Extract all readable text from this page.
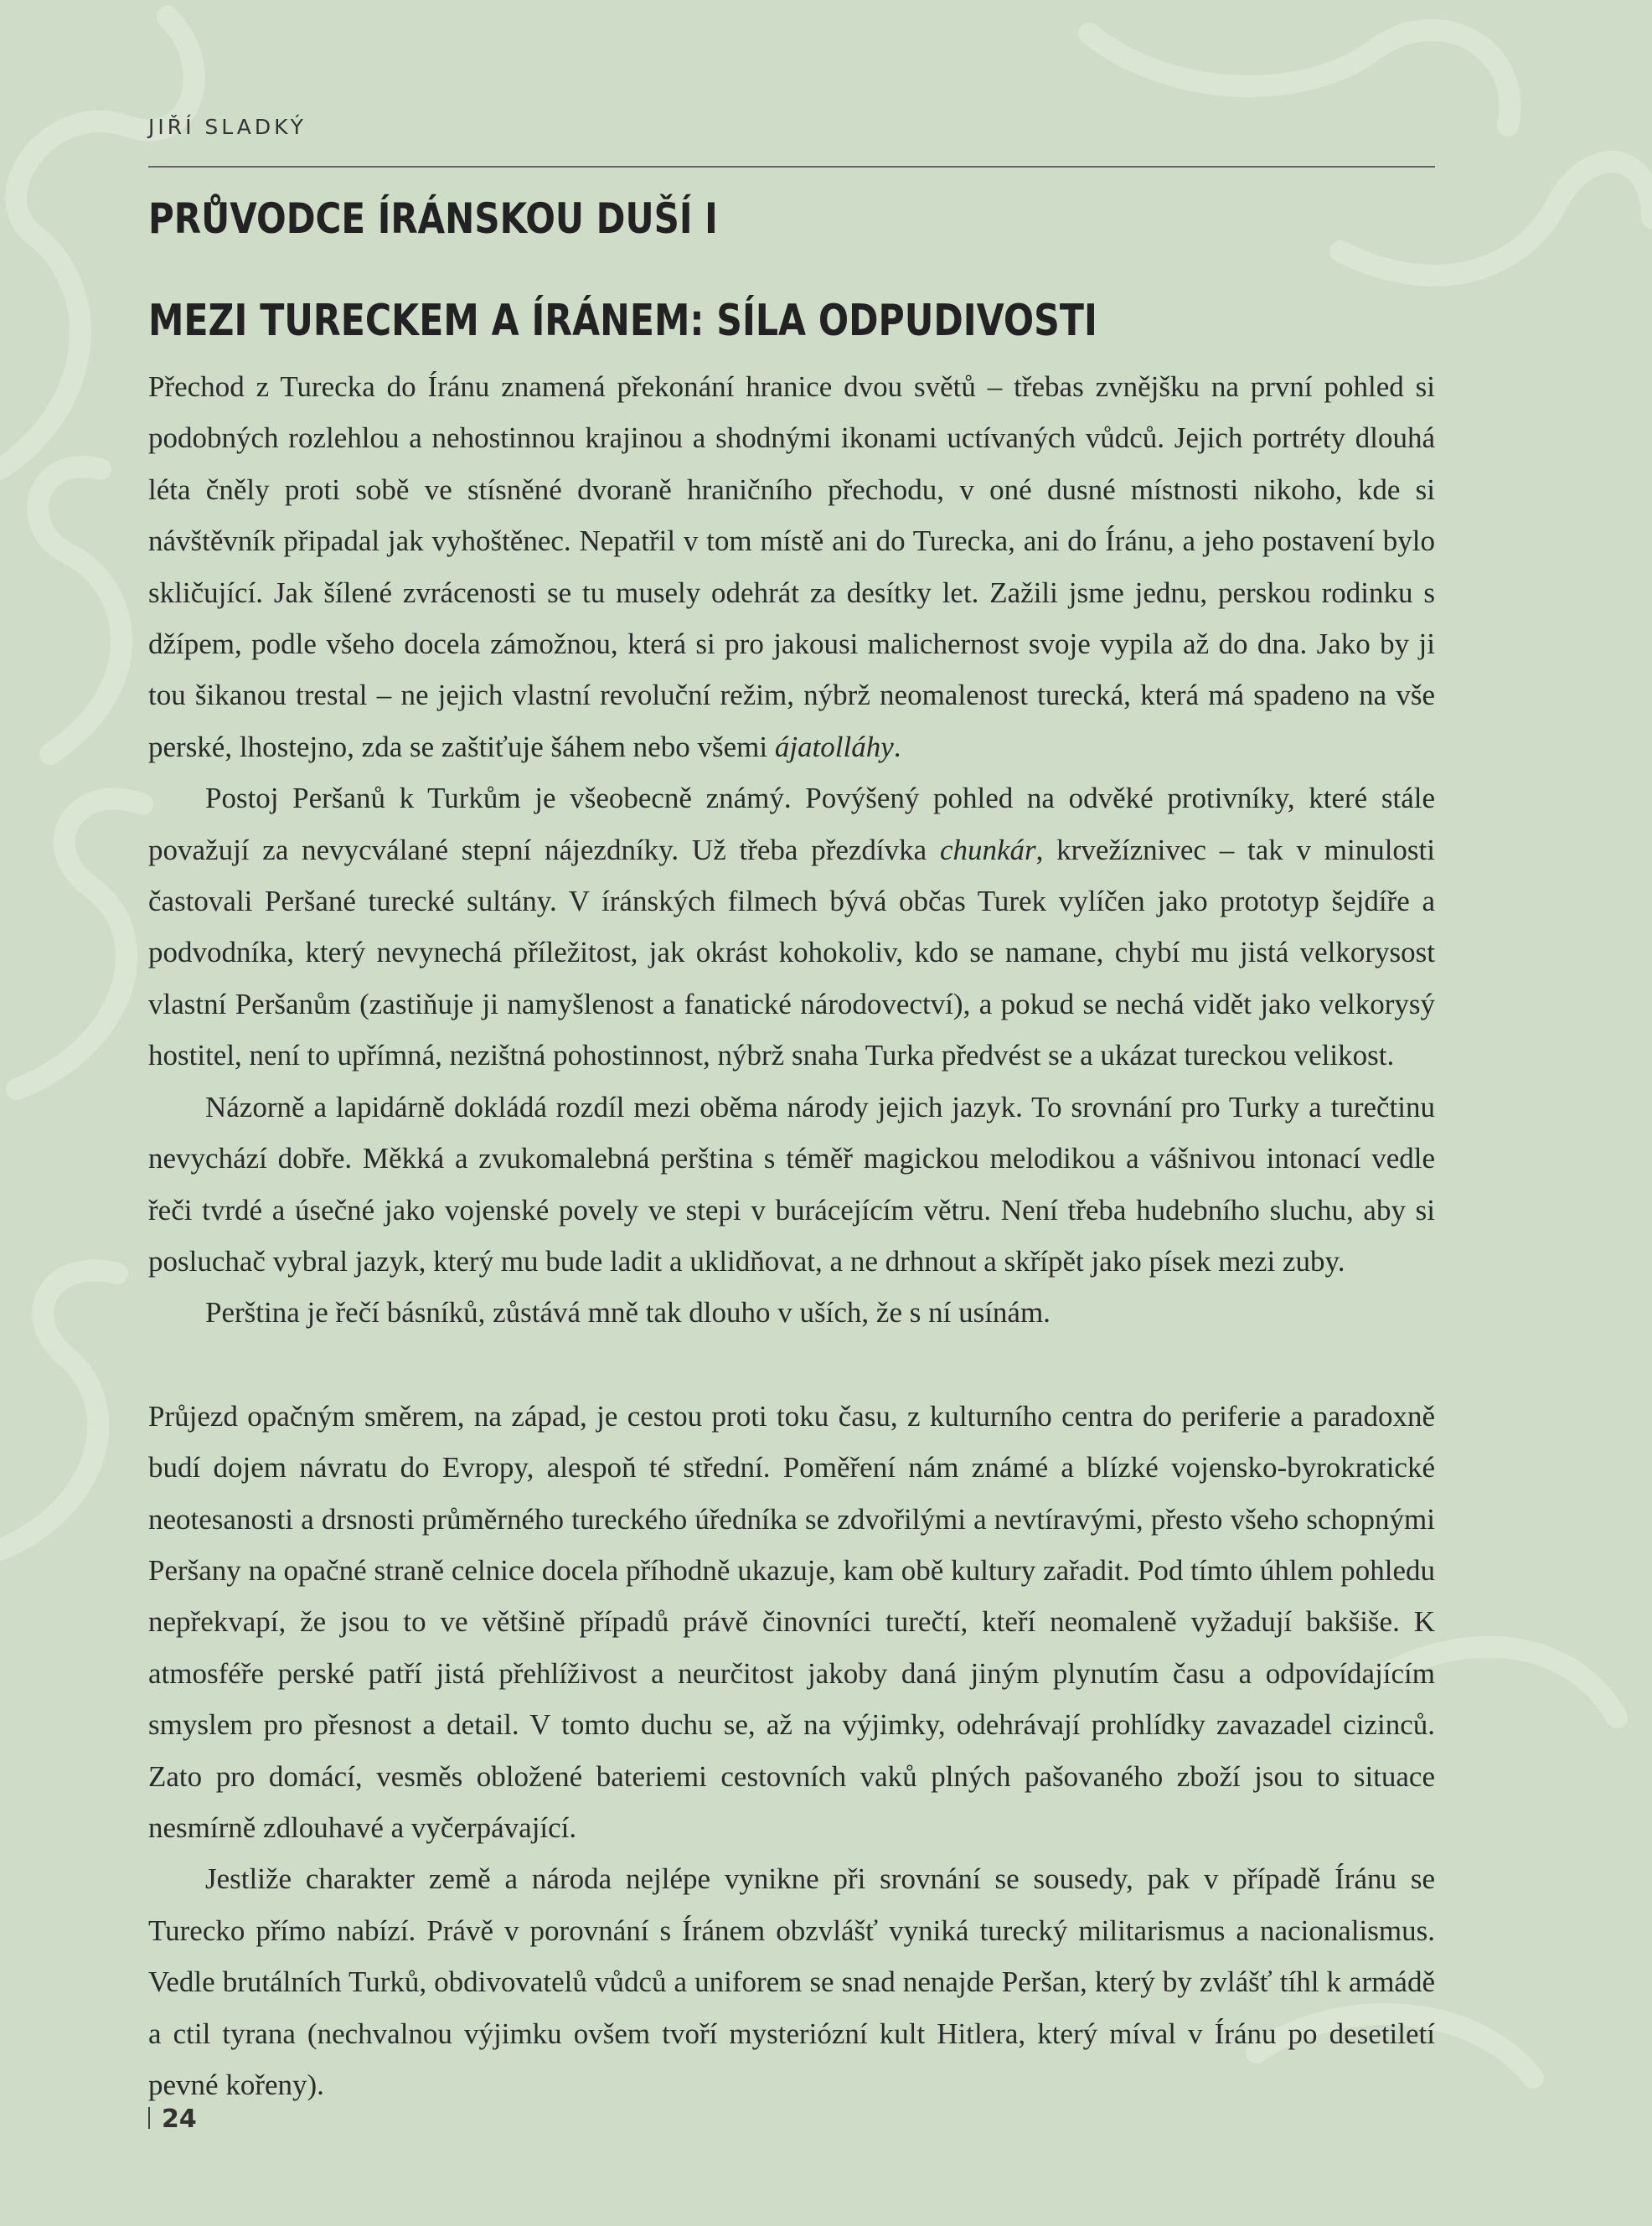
JIŘÍ SLADKÝ
PRŮVODCE ÍRÁNSKOU DUŠÍ I
MEZI TURECKEM A ÍRÁNEM: SÍLA ODPUDIVOSTI

Přechod z Turecka do Íránu znamená překonání hranice dvou světů – třebas zvnějšku na první pohled si podobných rozlehlou a nehostinnou krajinou a shodnými ikonami uctívaných vůdců. Jejich portréty dlouhá léta čněly proti sobě ve stísněné dvoraně hraničního přechodu, v oné dusné místnosti nikoho, kde si návštěvník připadal jak vyhoštěnec. Nepatřil v tom místě ani do Turecka, ani do Íránu, a jeho postavení bylo skličující. Jak šílené zvrácenosti se tu musely odehrát za desítky let. Zažili jsme jednu, perskou rodinku s džípem, podle všeho docela zámožnou, která si pro jakousi malichernost svoje vypila až do dna. Jako by ji tou šikanou trestal – ne jejich vlastní revoluční režim, nýbrž neomalenost turecká, která má spadeno na vše perské, lhostejno, zda se zaštiťuje šáhem nebo všemi ájatolláhy.

Postoj Peršanů k Turkům je všeobecně známý. Povýšený pohled na odvěké protivníky, které stále považují za nevycválané stepní nájezdníky. Už třeba přezdívka chunkár, krvežíznivec – tak v minulosti častovali Peršané turecké sultány. V íránských filmech bývá občas Turek vylíčen jako prototyp šejdíře a podvodníka, který nevynechá příležitost, jak okrást kohokoliv, kdo se namane, chybí mu jistá velkorysost vlastní Peršanům (zastiňuje ji namyšlenost a fanatické národovectví), a pokud se nechá vidět jako velkorysý hostitel, není to upřímná, nezištná pohostinnost, nýbrž snaha Turka předvést se a ukázat tureckou velikost.

Názorně a lapidárně dokládá rozdíl mezi oběma národy jejich jazyk. To srovnání pro Turky a turečtinu nevychází dobře. Měkká a zvukomalebná perština s téměř magickou melodikou a vášnivou intonací vedle řeči tvrdé a úsečné jako vojenské povely ve stepi v burácejícím větru. Není třeba hudebního sluchu, aby si posluchač vybral jazyk, který mu bude ladit a uklidňovat, a ne drhnout a skřípět jako písek mezi zuby.

Perština je řečí básníků, zůstává mně tak dlouho v uších, že s ní usínám.

Průjezd opačným směrem, na západ, je cestou proti toku času, z kulturního centra do periferie a paradoxně budí dojem návratu do Evropy, alespoň té střední. Poměření nám známé a blízké vojensko-byrokratické neotesanosti a drsnosti průměrného tureckého úředníka se zdvořilými a nevtíravými, přesto všeho schopnými Peršany na opačné straně celnice docela příhodně ukazuje, kam obě kultury zařadit. Pod tímto úhlem pohledu nepřekvapí, že jsou to ve většině případů právě činovníci turečtí, kteří neomaleně vyžadují bakšiše. K atmosféře perské patří jistá přehlíživost a neurčitost jakoby daná jiným plynutím času a odpovídajícím smyslem pro přesnost a detail. V tomto duchu se, až na výjimky, odehrávají prohlídky zavazadel cizinců. Zato pro domácí, vesměs obložené bateriemi cestovních vaků plných pašovaného zboží jsou to situace nesmírně zdlouhavé a vyčerpávající.

Jestliže charakter země a národa nejlépe vynikne při srovnání se sousedy, pak v případě Íránu se Turecko přímo nabízí. Právě v porovnání s Íránem obzvlášť vyniká turecký militarismus a nacionalismus. Vedle brutálních Turků, obdivovatelů vůdců a uniforem se snad nenajde Peršan, který by zvlášť tíhl k armádě a ctil tyrana (nechvalnou výjimku ovšem tvoří mysteriózní kult Hitlera, který míval v Íránu po desetiletí pevné kořeny).

24
